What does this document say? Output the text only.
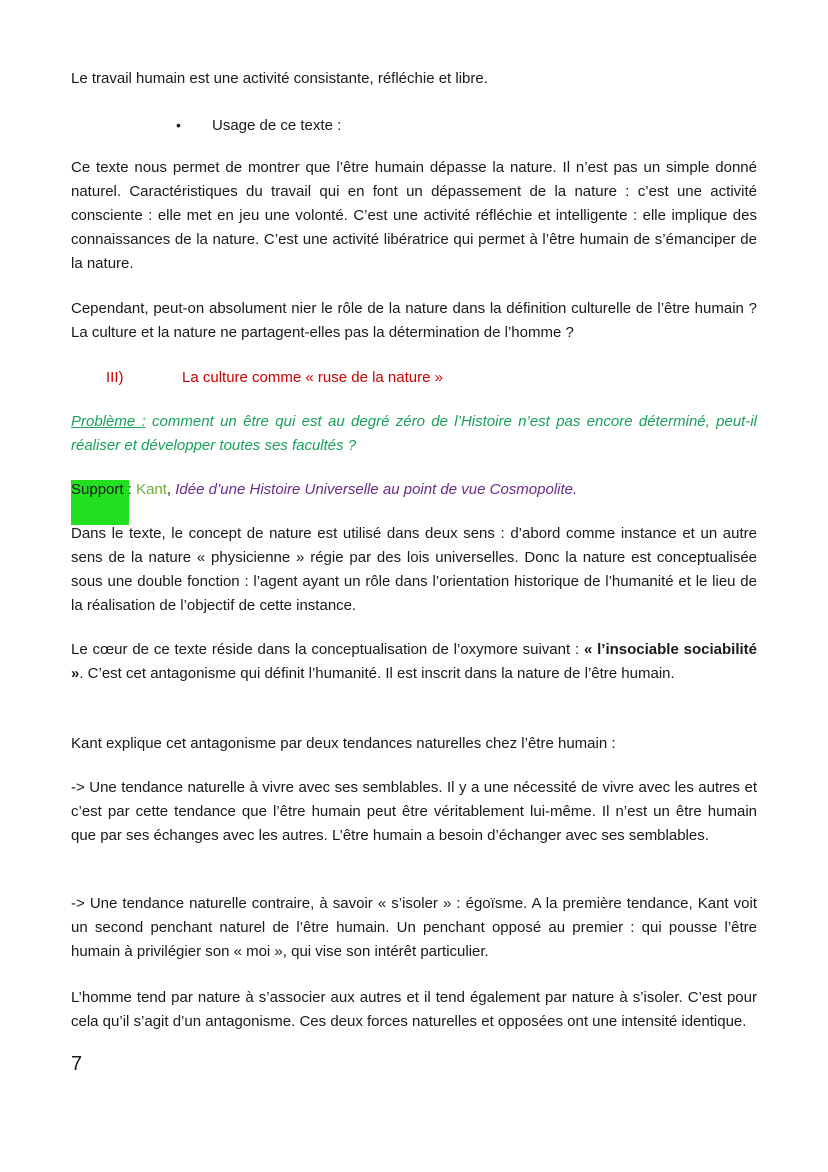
Le travail humain est une activité consistante, réfléchie et libre.

• Usage de ce texte :

Ce texte nous permet de montrer que l’être humain dépasse la nature. Il n’est pas un simple donné naturel. Caractéristiques du travail qui en font un dépassement de la nature : c’est une activité consciente : elle met en jeu une volonté. C’est une activité réfléchie et intelligente : elle implique des connaissances de la nature. C’est une activité libératrice qui permet à l’être humain de s’émanciper de la nature.

Cependant, peut-on absolument nier le rôle de la nature dans la définition culturelle de l’être humain ? La culture et la nature ne partagent-elles pas la détermination de l’homme ?

III)	La culture comme « ruse de la nature »

Problème : comment un être qui est au degré zéro de l’Histoire n’est pas encore déterminé, peut-il réaliser et développer toutes ses facultés ?

Support : Kant, Idée d’une Histoire Universelle au point de vue Cosmopolite.

Dans le texte, le concept de nature est utilisé dans deux sens : d’abord comme instance et un autre sens de la nature « physicienne » régie par des lois universelles. Donc la nature est conceptualisée sous une double fonction : l’agent ayant un rôle dans l’orientation historique de l’humanité et le lieu de la réalisation de l’objectif de cette instance.

Le cœur de ce texte réside dans la conceptualisation de l’oxymore suivant : « l’insociable sociabilité ». C’est cet antagonisme qui définit l’humanité. Il est inscrit dans la nature de l’être humain.

Kant explique cet antagonisme par deux tendances naturelles chez l’être humain :

-> Une tendance naturelle à vivre avec ses semblables. Il y a une nécessité de vivre avec les autres et c’est par cette tendance que l’être humain peut être véritablement lui-même. Il n’est un être humain que par ses échanges avec les autres. L’être humain a besoin d’échanger avec ses semblables.

-> Une tendance naturelle contraire, à savoir « s’isoler » : égoïsme. A la première tendance, Kant voit un second penchant naturel de l’être humain. Un penchant opposé au premier : qui pousse l’être humain à privilégier son « moi », qui vise son intérêt particulier.

L’homme tend par nature à s’associer aux autres et il tend également par nature à s’isoler. C’est pour cela qu’il s’agit d’un antagonisme. Ces deux forces naturelles et opposées ont une intensité identique.

7
